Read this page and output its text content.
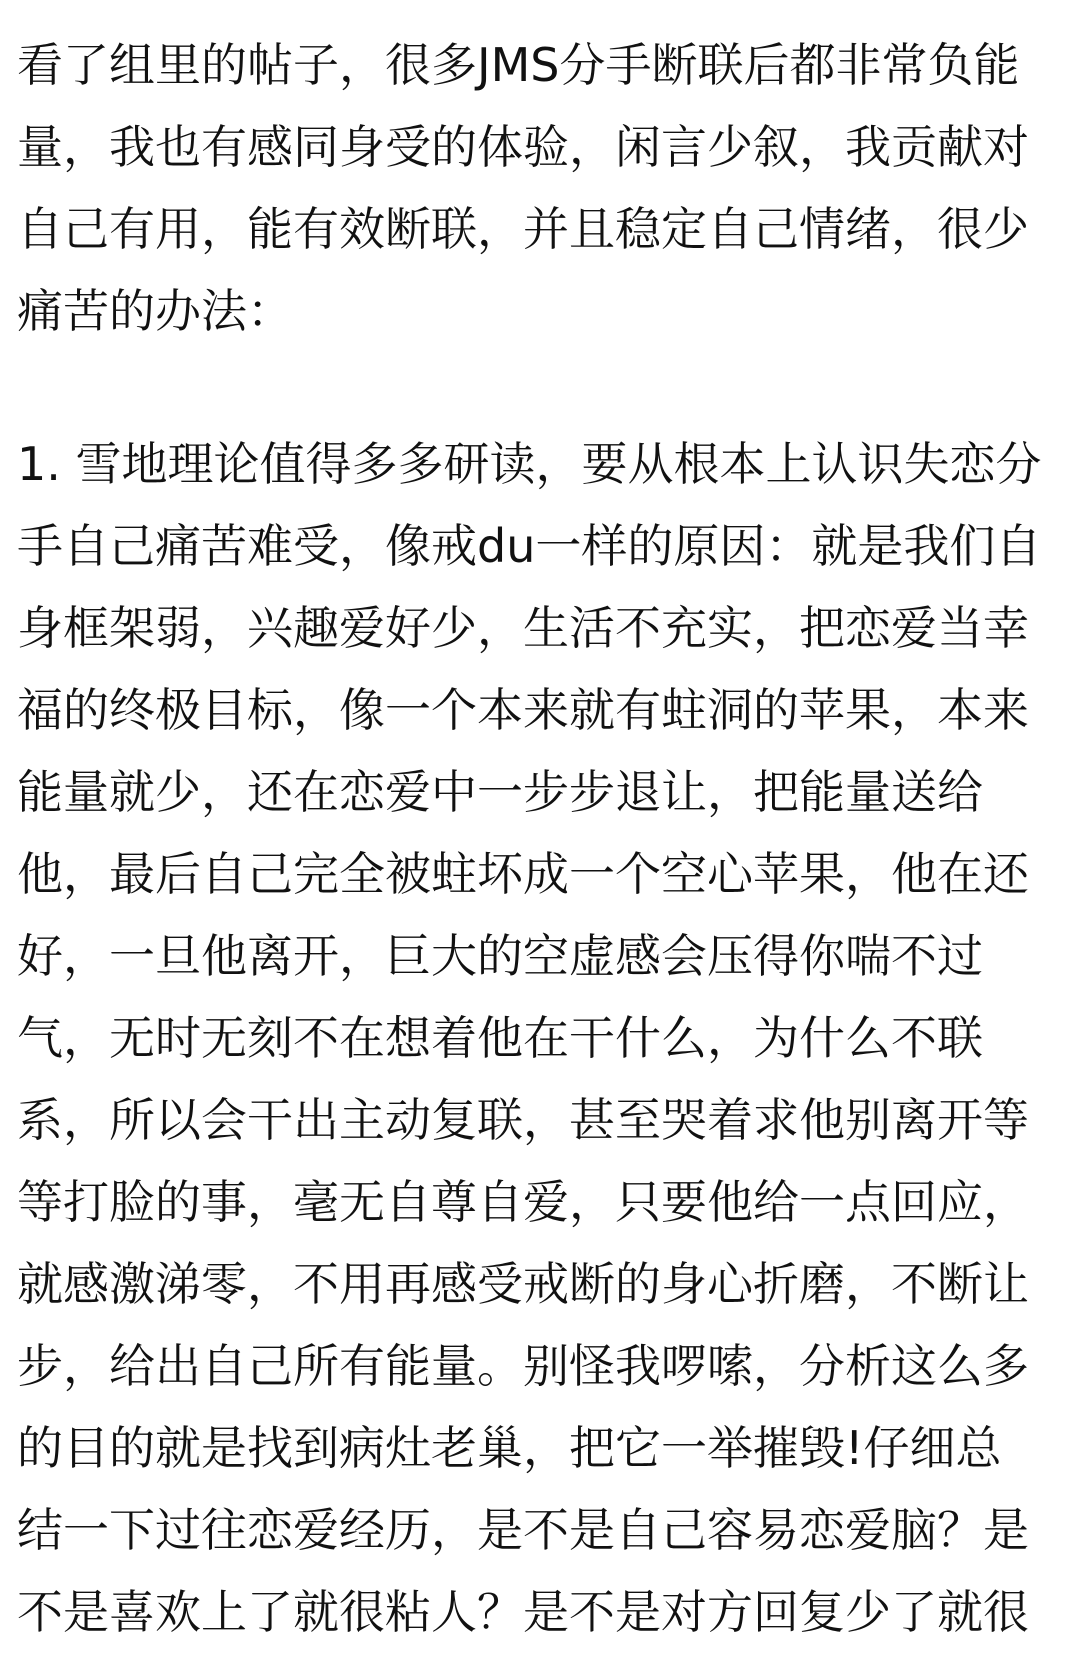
看了组里的帖子，很多JMS分手断联后都非常负能
量，我也有感同身受的体验，闲言少叙，我贡献对
自己有用，能有效断联，并且稳定自己情绪，很少
痛苦的办法：
1. 雪地理论值得多多研读，要从根本上认识失恋分
手自己痛苦难受，像戒du一样的原因：就是我们自
身框架弱，兴趣爱好少，生活不充实，把恋爱当幸
福的终极目标，像一个本来就有蛀洞的苹果，本来
能量就少，还在恋爱中一步步退让，把能量送给
他，最后自己完全被蛀坏成一个空心苹果，他在还
好，一旦他离开，巨大的空虚感会压得你喘不过
气，无时无刻不在想着他在干什么，为什么不联
系，所以会干出主动复联，甚至哭着求他别离开等
等打脸的事，毫无自尊自爱，只要他给一点回应，
就感激涕零，不用再感受戒断的身心折磨，不断让
步，给出自己所有能量。别怪我啰嗦，分析这么多
的目的就是找到病灶老巢，把它一举摧毁!仔细总
结一下过往恋爱经历，是不是自己容易恋爱脑？是
不是喜欢上了就很粘人？是不是对方回复少了就很
